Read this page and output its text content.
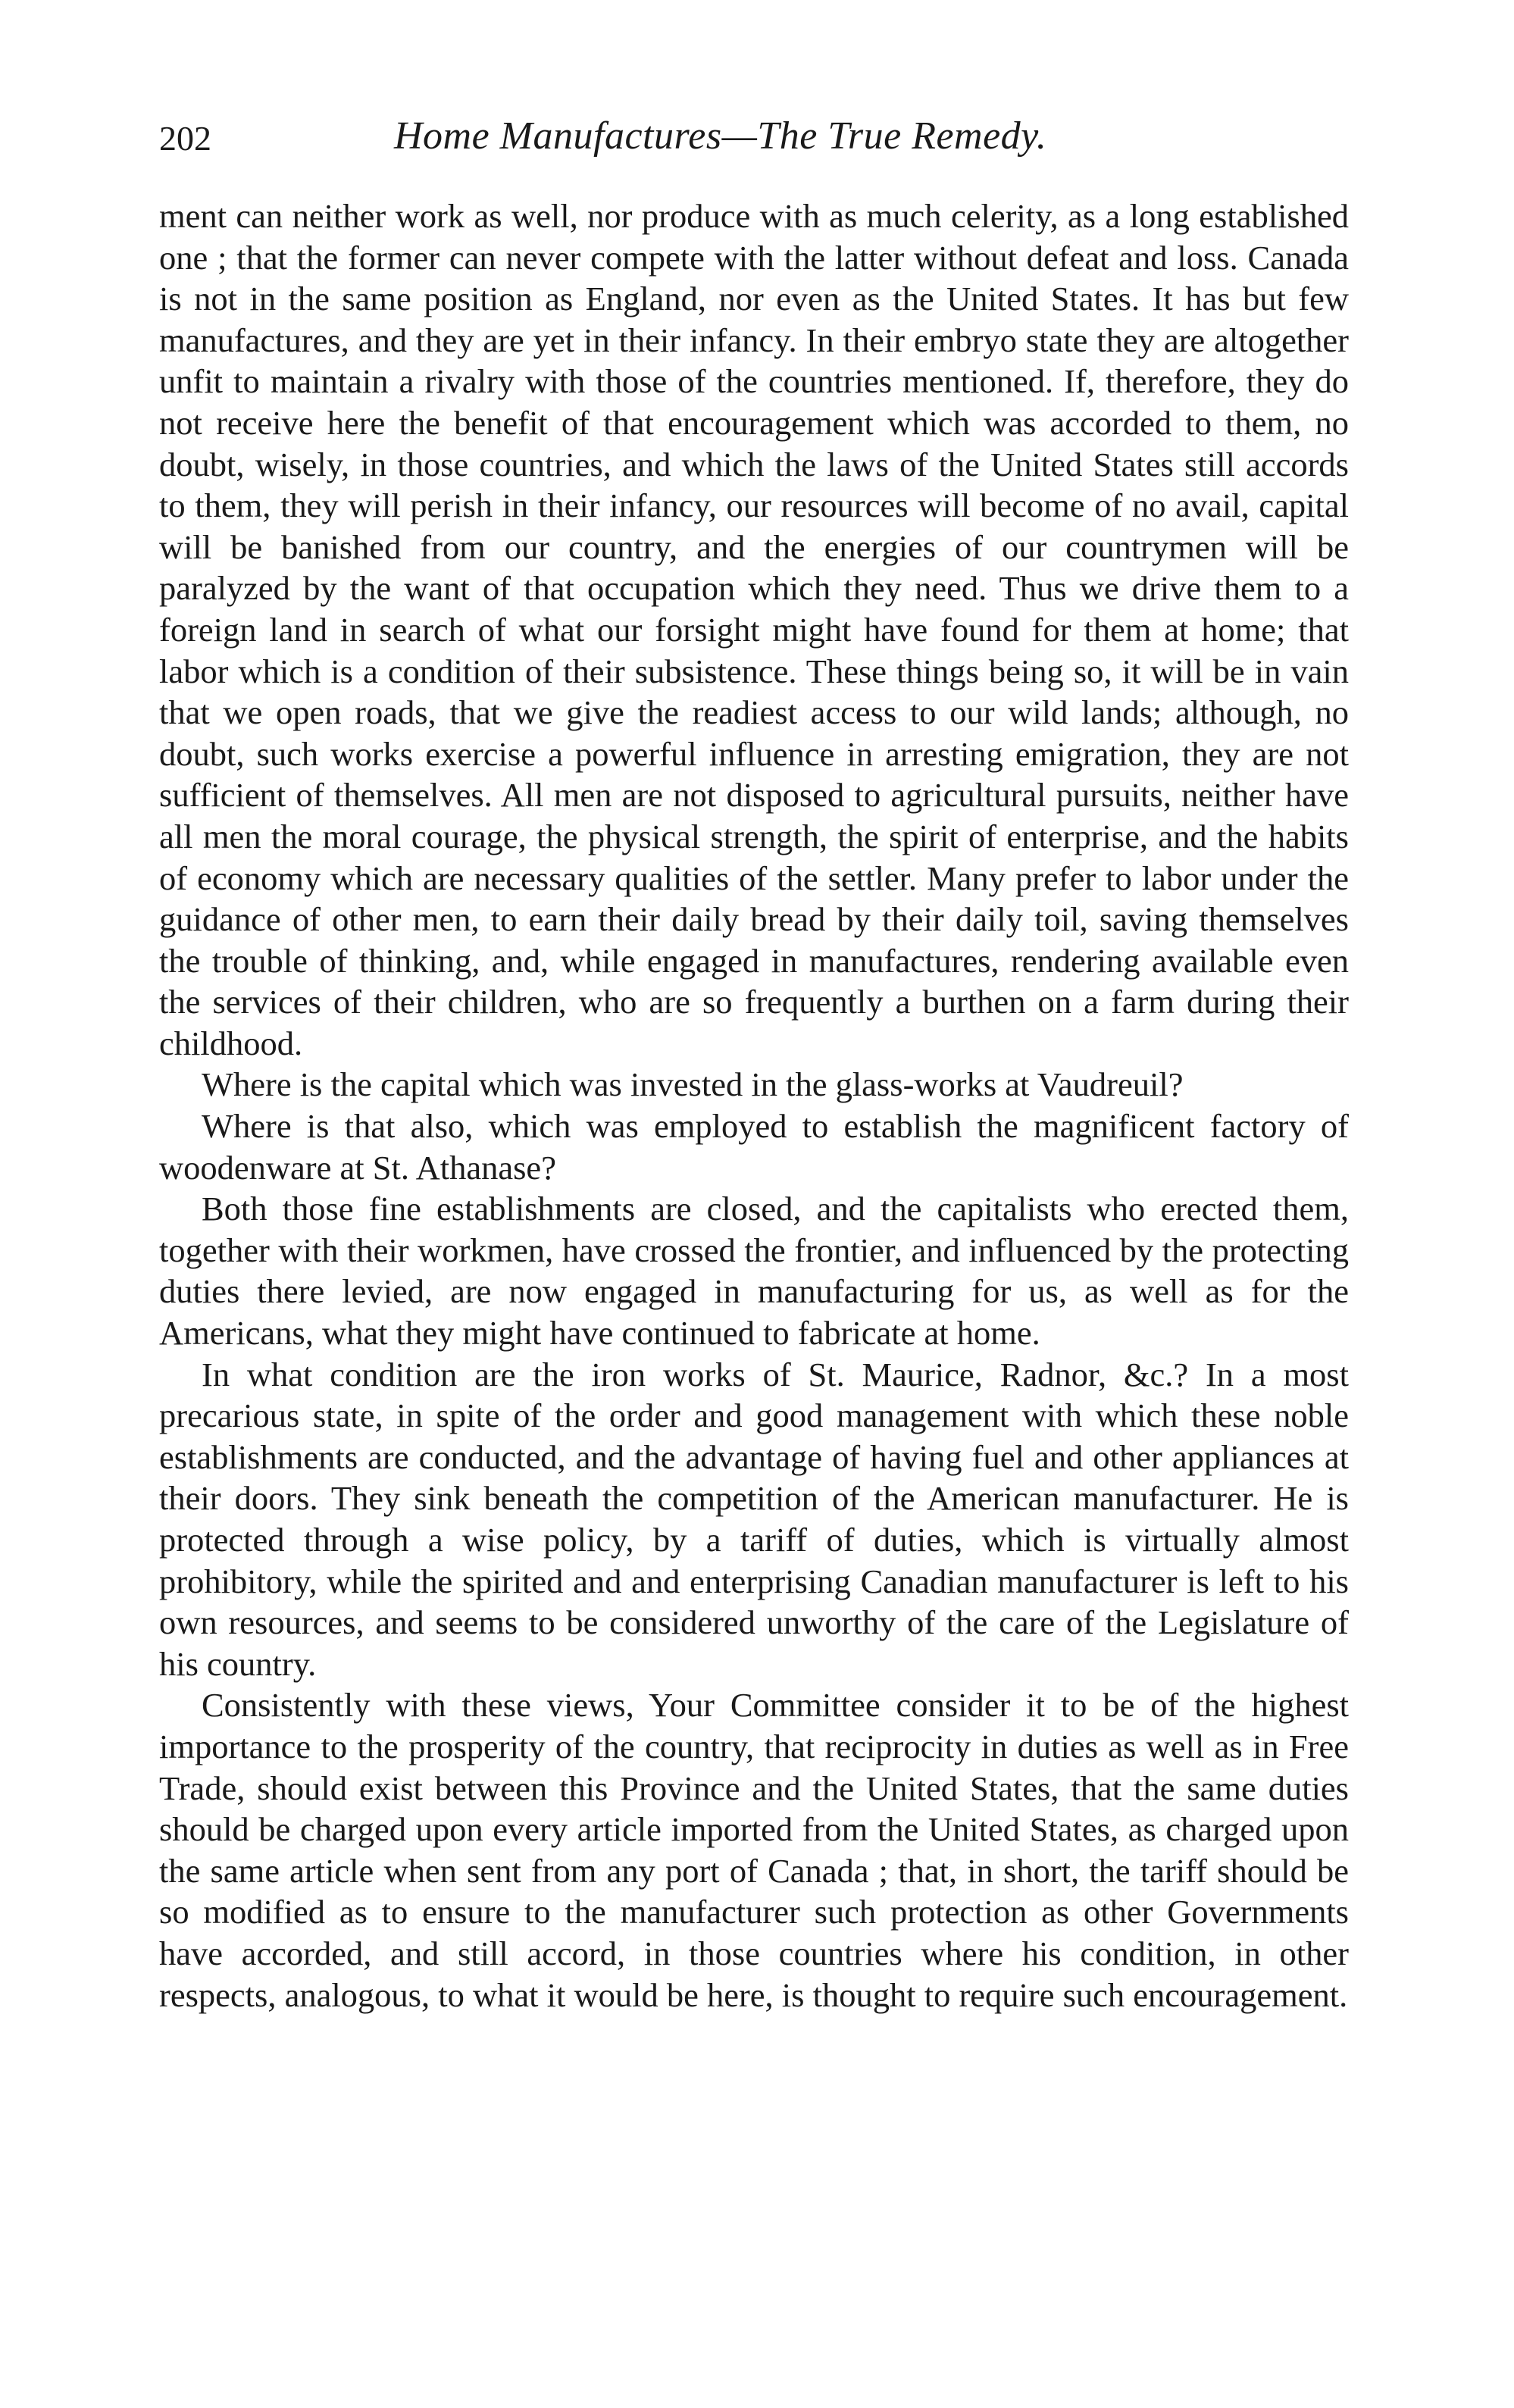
202	Home Manufactures—The True Remedy.

ment can neither work as well, nor produce with as much celerity, as a long established one ; that the former can never compete with the latter without defeat and loss. Canada is not in the same position as England, nor even as the United States. It has but few manufactures, and they are yet in their infancy. In their embryo state they are altogether unfit to maintain a rivalry with those of the countries mentioned. If, therefore, they do not receive here the benefit of that encouragement which was accorded to them, no doubt, wisely, in those countries, and which the laws of the United States still accords to them, they will perish in their infancy, our resources will become of no avail, capital will be banished from our country, and the energies of our countrymen will be paralyzed by the want of that occupation which they need. Thus we drive them to a foreign land in search of what our forsight might have found for them at home; that labor which is a condition of their subsistence. These things being so, it will be in vain that we open roads, that we give the readiest access to our wild lands; although, no doubt, such works exercise a powerful influence in arresting emigration, they are not sufficient of themselves. All men are not disposed to agricultural pursuits, neither have all men the moral courage, the physical strength, the spirit of enterprise, and the habits of economy which are necessary qualities of the settler. Many prefer to labor under the guidance of other men, to earn their daily bread by their daily toil, saving themselves the trouble of thinking, and, while engaged in manufactures, rendering available even the services of their children, who are so frequently a burthen on a farm during their childhood.

Where is the capital which was invested in the glass-works at Vaudreuil?

Where is that also, which was employed to establish the magnificent factory of woodenware at St. Athanase?

Both those fine establishments are closed, and the capitalists who erected them, together with their workmen, have crossed the frontier, and influenced by the protecting duties there levied, are now engaged in manufacturing for us, as well as for the Americans, what they might have continued to fabricate at home.

In what condition are the iron works of St. Maurice, Radnor, &c.? In a most precarious state, in spite of the order and good management with which these noble establishments are conducted, and the advantage of having fuel and other appliances at their doors. They sink beneath the competition of the American manufacturer. He is protected through a wise policy, by a tariff of duties, which is virtually almost prohibitory, while the spirited and and enterprising Canadian manufacturer is left to his own resources, and seems to be considered unworthy of the care of the Legislature of his country.

Consistently with these views, Your Committee consider it to be of the highest importance to the prosperity of the country, that reciprocity in duties as well as in Free Trade, should exist between this Province and the United States, that the same duties should be charged upon every article imported from the United States, as charged upon the same article when sent from any port of Canada ; that, in short, the tariff should be so modified as to ensure to the manufacturer such protection as other Governments have accorded, and still accord, in those countries where his condition, in other respects, analogous, to what it would be here, is thought to require such encouragement.
